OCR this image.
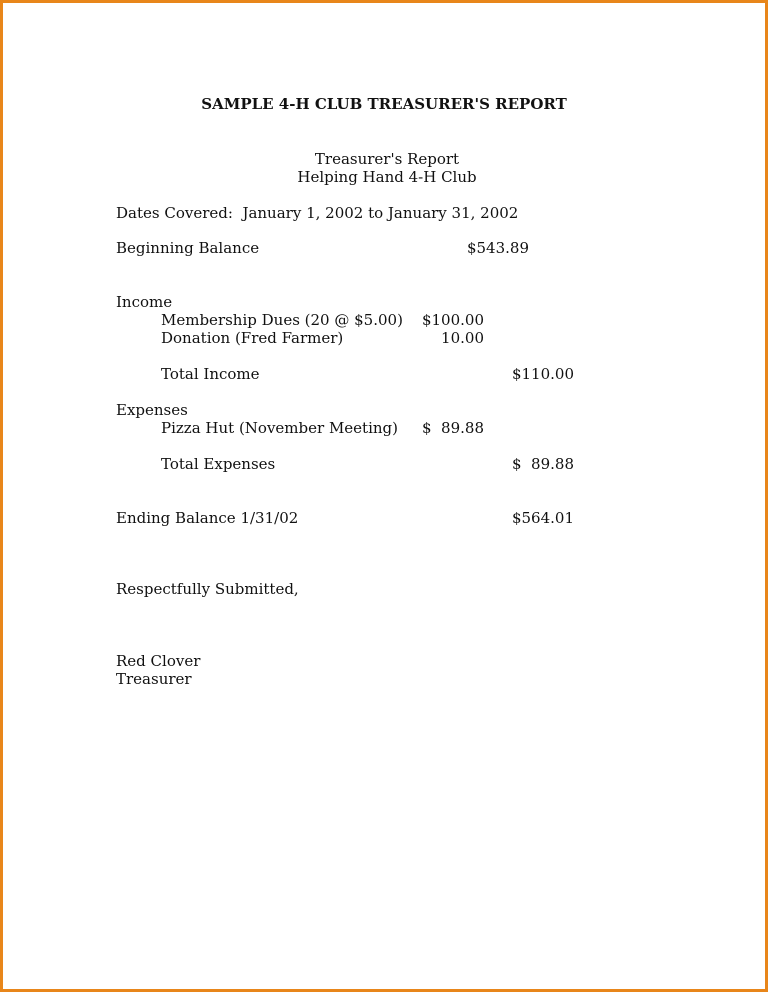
SAMPLE 4-H CLUB TREASURER'S REPORT
Treasurer's Report
Helping Hand 4-H Club
Dates Covered:  January 1, 2002 to January 31, 2002
Beginning Balance	$543.89
Income
Membership Dues (20 @ $5.00)	$100.00
Donation (Fred Farmer)	10.00
Total Income	$110.00
Expenses
Pizza Hut (November Meeting)	$  89.88
Total Expenses	$  89.88
Ending Balance 1/31/02	$564.01
Respectfully Submitted,
Red Clover
Treasurer
